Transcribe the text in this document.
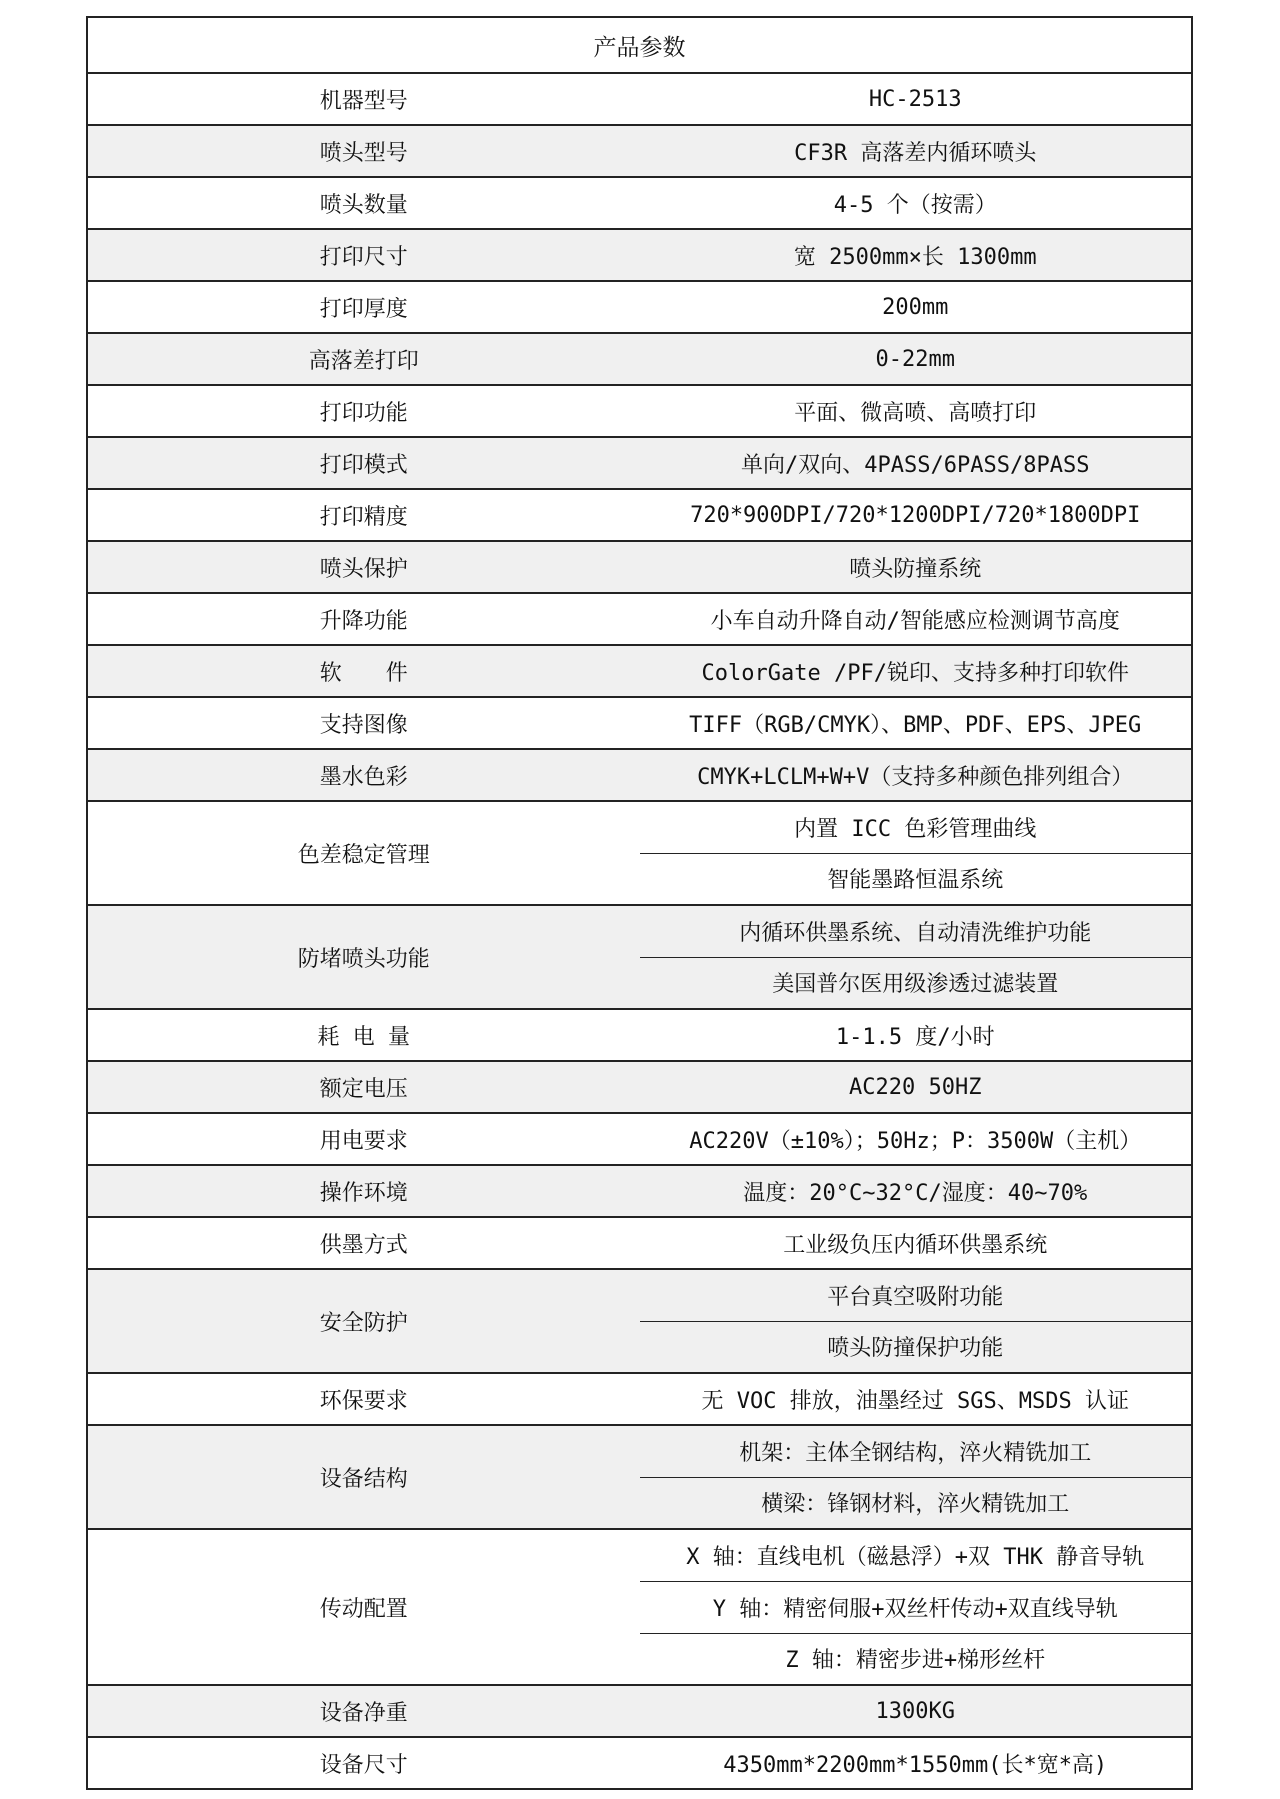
产品参数	
机器型号	HC-2513
喷头型号	CF3R 高落差内循环喷头
喷头数量	4-5 个（按需）
打印尺寸	宽 2500mm×长 1300mm
打印厚度	200mm
高落差打印	0-22mm
打印功能	平面、微高喷、高喷打印
打印模式	单向/双向、4PASS/6PASS/8PASS
打印精度	720*900DPI/720*1200DPI/720*1800DPI
喷头保护	喷头防撞系统
升降功能	小车自动升降自动/智能感应检测调节高度
软　　件	ColorGate /PF/锐印、支持多种打印软件
支持图像	TIFF（RGB/CMYK）、BMP、PDF、EPS、JPEG
墨水色彩	CMYK+LCLM+W+V（支持多种颜色排列组合）
色差稳定管理	内置 ICC 色彩管理曲线
	智能墨路恒温系统
防堵喷头功能	内循环供墨系统、自动清洗维护功能
	美国普尔医用级渗透过滤装置
耗 电 量	1-1.5 度/小时
额定电压	AC220 50HZ
用电要求	AC220V（±10%）；50Hz；P：3500W（主机）
操作环境	温度：20°C~32°C/湿度：40~70%
供墨方式	工业级负压内循环供墨系统
安全防护	平台真空吸附功能
	喷头防撞保护功能
环保要求	无 VOC 排放，油墨经过 SGS、MSDS 认证
设备结构	机架：主体全钢结构，淬火精铣加工
	横梁：锋钢材料，淬火精铣加工
传动配置	X 轴：直线电机（磁悬浮）+双 THK 静音导轨
	Y 轴：精密伺服+双丝杆传动+双直线导轨
	Z 轴：精密步进+梯形丝杆
设备净重	1300KG
设备尺寸	4350mm*2200mm*1550mm(长*宽*高)
